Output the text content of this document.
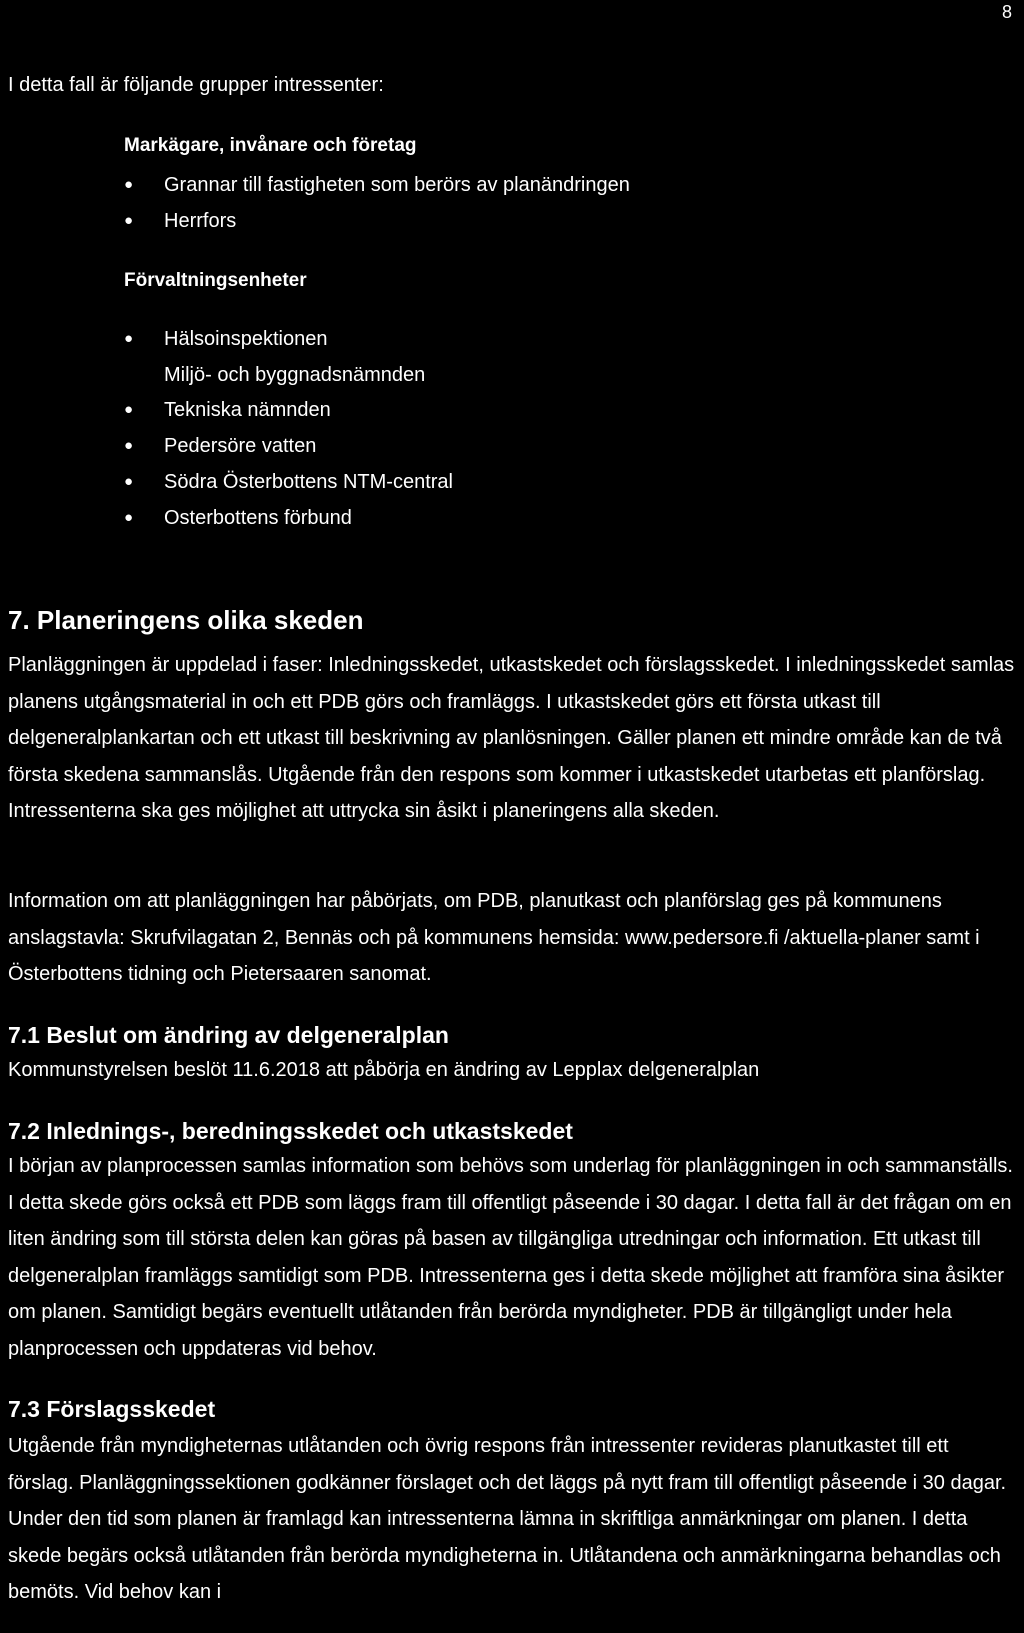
8
I detta fall är följande grupper intressenter:
Markägare, invånare och företag
● Grannar till fastigheten som berörs av planändringen
● Herrfors
Förvaltningsenheter
● Hälsoinspektionen
Miljö- och byggnadsnämnden
● Tekniska nämnden
● Pedersöre vatten
● Södra Österbottens NTM-central
● Osterbottens förbund
7. Planeringens olika skeden

Planläggningen är uppdelad i faser: Inledningsskedet, utkastskedet och förslagsskedet. I inledningsskedet samlas planens utgångsmaterial in och ett PDB görs och framläggs. I utkastskedet görs ett första utkast till delgeneralplankartan och ett utkast till beskrivning av planlösningen. Gäller planen ett mindre område kan de två första skedena sammanslås. Utgående från den respons som kommer i utkastskedet utarbetas ett planförslag. Intressenterna ska ges möjlighet att uttrycka sin åsikt i planeringens alla skeden.

Information om att planläggningen har påbörjats, om PDB, planutkast och planförslag ges på kommunens anslagstavla: Skrufvilagatan 2, Bennäs och på kommunens hemsida: www.pedersore.fi /aktuella-planer samt i Österbottens tidning och Pietersaaren sanomat.

7.1 Beslut om ändring av delgeneralplan

Kommunstyrelsen beslöt 11.6.2018 att påbörja en ändring av Lepplax delgeneralplan

7.2 Inlednings-, beredningsskedet och utkastskedet

I början av planprocessen samlas information som behövs som underlag för planläggningen in och sammanställs. I detta skede görs också ett PDB som läggs fram till offentligt påseende i 30 dagar. I detta fall är det frågan om en liten ändring som till största delen kan göras på basen av tillgängliga utredningar och information. Ett utkast till delgeneralplan framläggs samtidigt som PDB. Intressenterna ges i detta skede möjlighet att framföra sina åsikter om planen. Samtidigt begärs eventuellt utlåtanden från berörda myndigheter. PDB är tillgängligt under hela planprocessen och uppdateras vid behov.

7.3 Förslagsskedet

Utgående från myndigheternas utlåtanden och övrig respons från intressenter revideras planutkastet till ett förslag. Planläggningssektionen godkänner förslaget och det läggs på nytt fram till offentligt påseende i 30 dagar. Under den tid som planen är framlagd kan intressenterna lämna in skriftliga anmärkningar om planen. I detta skede begärs också utlåtanden från berörda myndigheterna in. Utlåtandena och anmärkningarna behandlas och bemöts. Vid behov kan i
